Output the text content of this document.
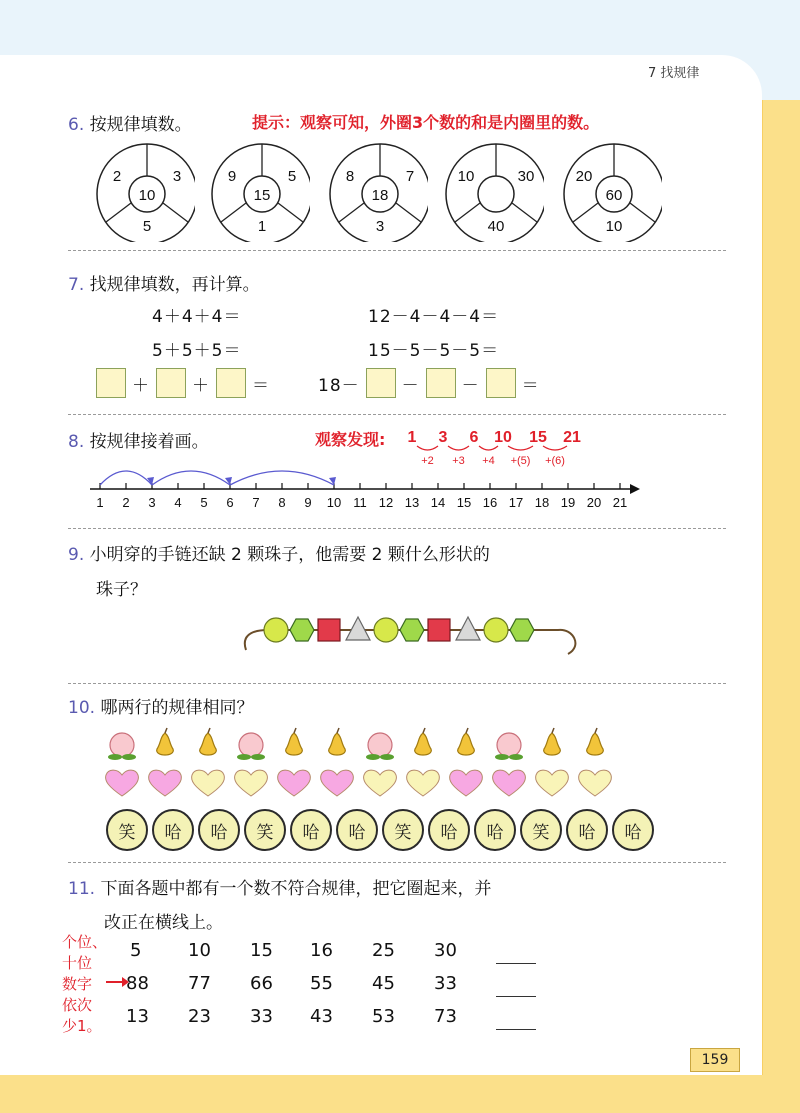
7 找规律
6. 按规律填数。	提示：观察可知，外圈3个数的和是内圈里的数。
2	3
10
5
9	5
15
1
8	7
18
3
10	30
40
20
60
10
7. 找规律填数，再计算。
4＋4＋4＝
5＋5＋5＝
12－4－4－4＝
15－5－5－5＝
＋ ＋ ＝	18－ － － ＝
8. 按规律接着画。	观察发现: 1 3 6 10 15 21
+2 +3 +4 +(5) +(6)
1 2 3 4 5 6 7 8 9 10 11 12 13 14 15 16 17 18 19 20 21
9. 小明穿的手链还缺 2 颗珠子，他需要 2 颗什么形状的
珠子？
10. 哪两行的规律相同？
笑	哈	哈	笑	哈	哈	笑	哈	哈	笑	哈	哈
11. 下面各题中都有一个数不符合规律，把它圈起来，并
改正在横线上。
个位、
十位
数字
依次
少1。
5	10 15 16 25 30
88 77 66 55 45 33
13 23 33 43 53 73
159
